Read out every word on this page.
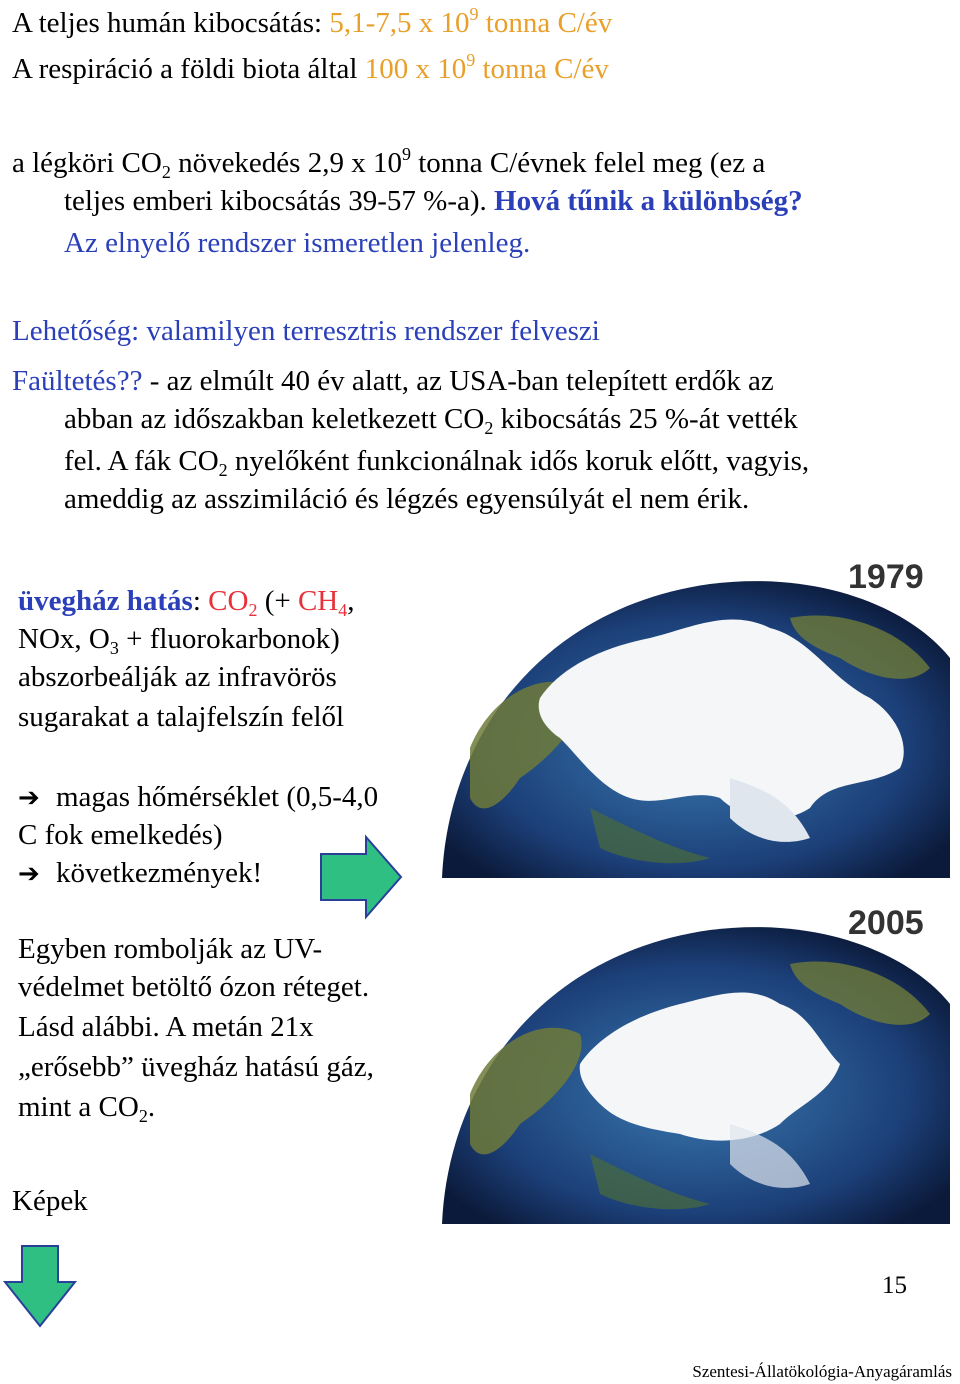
A teljes humán kibocsátás: 5,1-7,5 x $10^9$ tonna C/év
A respiráció a földi biota által 100 x $10^9$ tonna C/év
a légköri $CO_2$ növekedés 2,9 x $10^9$ tonna C/évnek felel meg (ez a
teljes emberi kibocsátás 39-57 %-a). Hová tűnik a különbség?
Az elnyelő rendszer ismeretlen jelenleg.
Lehetőség: valamilyen terresztris rendszer felveszi
Faültetés?? - az elmúlt 40 év alatt, az USA-ban telepített erdők az
abban az időszakban keletkezett $CO_2$ kibocsátás 25 %-át vették
fel. A fák $CO_2$ nyelőként funkcionálnak idős koruk előtt, vagyis,
ameddig az asszimiláció és légzés egyensúlyát el nem érik.
üvegház hatás: $CO_2$ (+ $CH_4$,
NOx, $O_3$ + fluorokarbonok)
abszorbeálják az infravörös
sugarakat a talajfelszín felől
➔ magas hőmérséklet (0,5-4,0
C fok emelkedés)
➔ következmények!
Egyben rombolják az UV-
védelmet betöltő ózon réteget.
Lásd alábbi. A metán 21x
„erősebb” üvegház hatású gáz,
mint a $CO_2$.
Képek
1979
2005
15
Szentesi-Állatökológia-Anyagáramlás
